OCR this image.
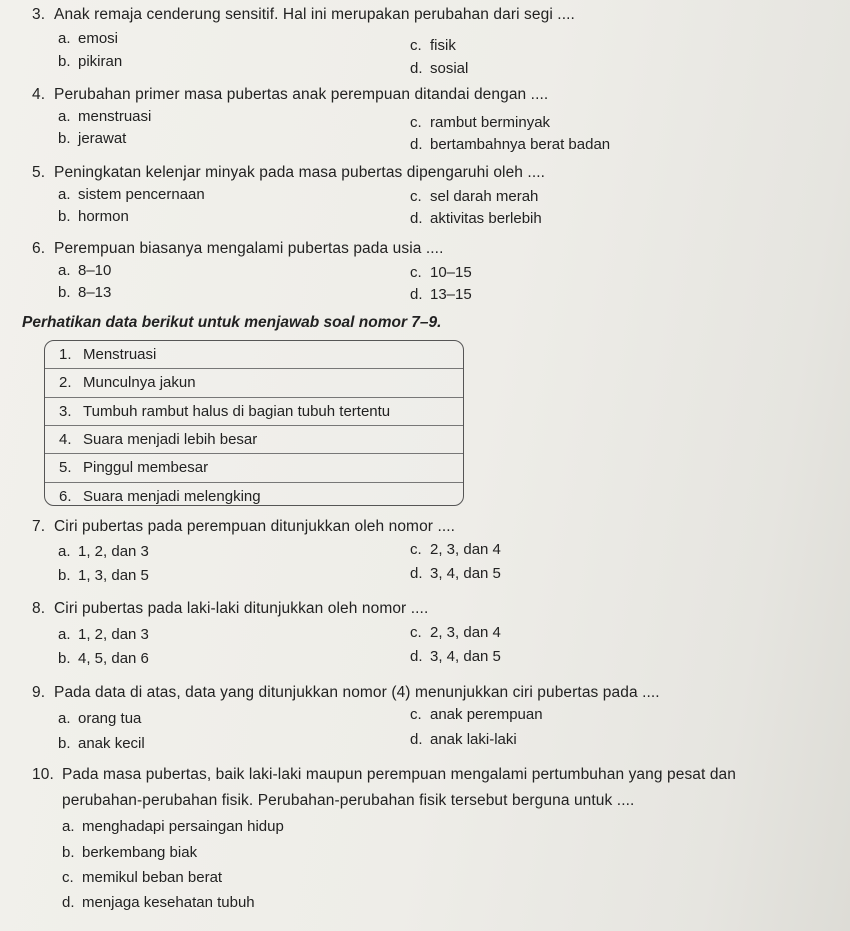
3. Anak remaja cenderung sensitif. Hal ini merupakan perubahan dari segi ....
a. emosi
b. pikiran
c. fisik
d. sosial
4. Perubahan primer masa pubertas anak perempuan ditandai dengan ....
a. menstruasi
b. jerawat
c. rambut berminyak
d. bertambahnya berat badan
5. Peningkatan kelenjar minyak pada masa pubertas dipengaruhi oleh ....
a. sistem pencernaan
b. hormon
c. sel darah merah
d. aktivitas berlebih
6. Perempuan biasanya mengalami pubertas pada usia ....
a. 8–10
b. 8–13
c. 10–15
d. 13–15
Perhatikan data berikut untuk menjawab soal nomor 7–9.
1. Menstruasi
2. Munculnya jakun
3. Tumbuh rambut halus di bagian tubuh tertentu
4. Suara menjadi lebih besar
5. Pinggul membesar
6. Suara menjadi melengking
7. Ciri pubertas pada perempuan ditunjukkan oleh nomor ....
a. 1, 2, dan 3
b. 1, 3, dan 5
c. 2, 3, dan 4
d. 3, 4, dan 5
8. Ciri pubertas pada laki-laki ditunjukkan oleh nomor ....
a. 1, 2, dan 3
b. 4, 5, dan 6
c. 2, 3, dan 4
d. 3, 4, dan 5
9. Pada data di atas, data yang ditunjukkan nomor (4) menunjukkan ciri pubertas pada ....
a. orang tua
b. anak kecil
c. anak perempuan
d. anak laki-laki
10. Pada masa pubertas, baik laki-laki maupun perempuan mengalami pertumbuhan yang pesat dan
perubahan-perubahan fisik. Perubahan-perubahan fisik tersebut berguna untuk ....
a. menghadapi persaingan hidup
b. berkembang biak
c. memikul beban berat
d. menjaga kesehatan tubuh
